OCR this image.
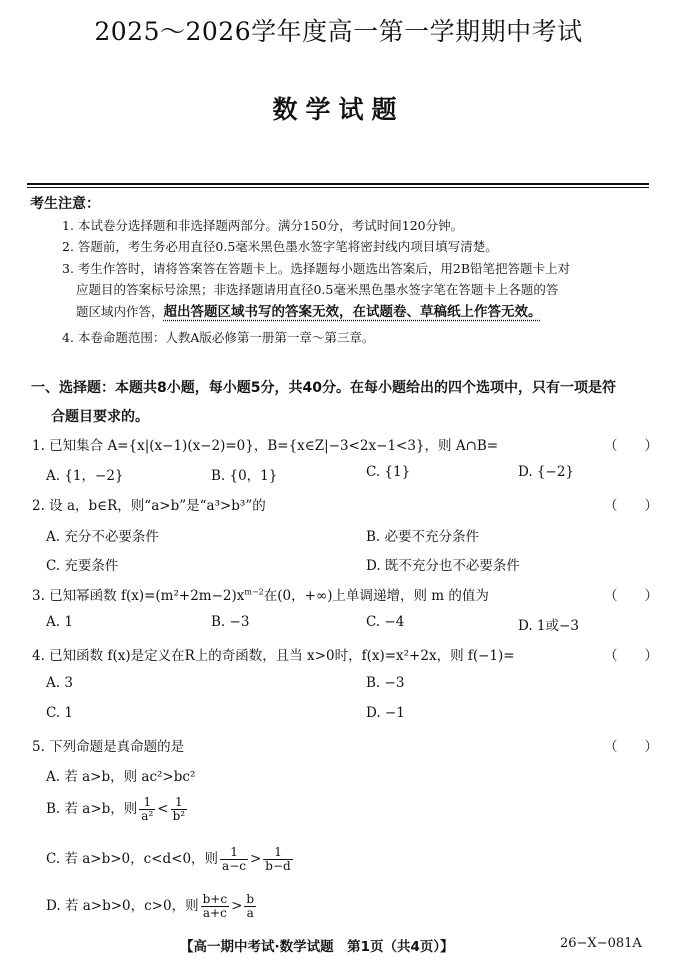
2025～2026学年度高一第一学期期中考试
数学试题
考生注意：
1. 本试卷分选择题和非选择题两部分。满分150分，考试时间120分钟。
2. 答题前，考生务必用直径0.5毫米黑色墨水签字笔将密封线内项目填写清楚。
3. 考生作答时，请将答案答在答题卡上。选择题每小题选出答案后，用2B铅笔把答题卡上对
应题目的答案标号涂黑；非选择题请用直径0.5毫米黑色墨水签字笔在答题卡上各题的答
题区域内作答，超出答题区域书写的答案无效，在试题卷、草稿纸上作答无效。
4. 本卷命题范围：人教A版必修第一册第一章～第三章。
一、选择题：本题共8小题，每小题5分，共40分。在每小题给出的四个选项中，只有一项是符
合题目要求的。
1. 已知集合 A={x|(x−1)(x−2)=0}，B={x∈Z|−3<2x−1<3}，则 A∩B=	（　　）
A. {1，−2}	B. {0，1}	C. {1}	D. {−2}
2. 设 a，b∈R，则“a>b”是“a³>b³”的	（　　）
A. 充分不必要条件	B. 必要不充分条件
C. 充要条件	D. 既不充分也不必要条件
3. 已知幂函数 $f(x)=(m^2+2m-2)x^{m-2}$在(0，+∞)上单调递增，则 m 的值为	（　　）
A. 1	B. −3	C. −4	D. 1或−3
4. 已知函数 f(x)是定义在R上的奇函数，且当 x>0时，f(x)=x²+2x，则 f(−1)=	（　　）
A. 3	B. −3
C. 1	D. −1
5. 下列命题是真命题的是	（　　）
A. 若 a>b，则 ac²>bc²
B. 若 a>b，则 $\frac{1}{\text{a²}} < \frac{1}{\text{b²}}$
C. 若 a>b>0，c<d<0，则 $\frac{1}{a-c} > \frac{1}{b-d}$
D. 若 a>b>0，c>0，则 $\frac{b+c}{a+c} > \frac{b}{a}$
【高一期中考试·数学试题　第1页（共4页）】	26−X−081A
